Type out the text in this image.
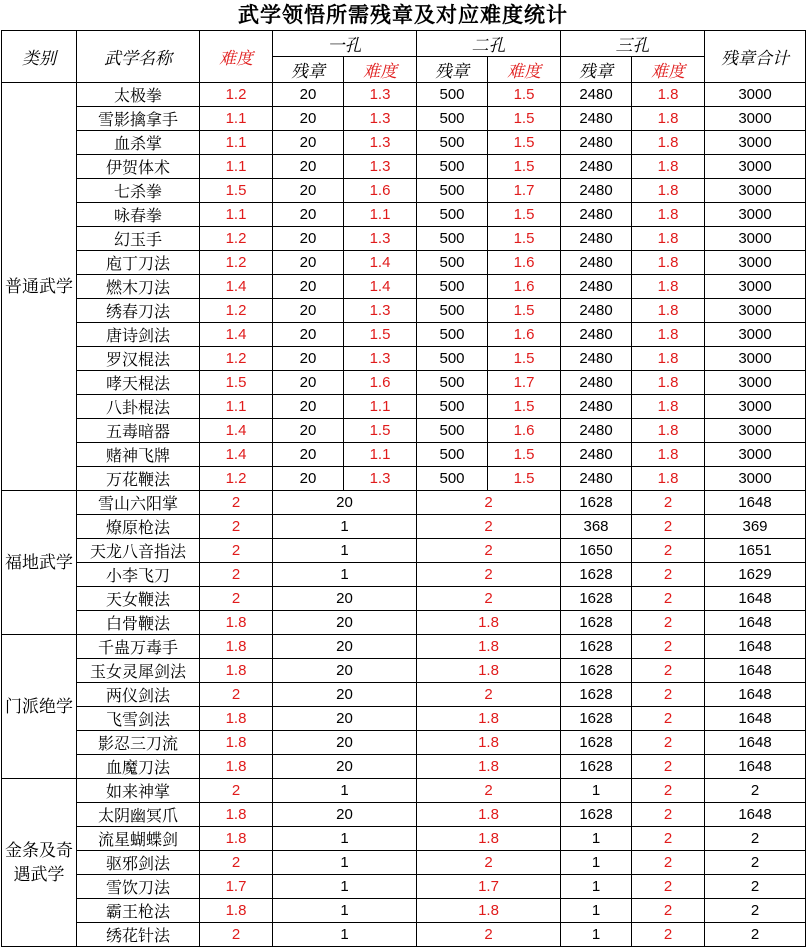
武学领悟所需残章及对应难度统计
类别	武学名称	难度	一孔		二孔		三孔		残章合计
			残章	难度	残章	难度	残章	难度	
普通武学	太极拳	1.2	20	1.3	500	1.5	2480	1.8	3000
	雪影擒拿手	1.1	20	1.3	500	1.5	2480	1.8	3000
	血杀掌	1.1	20	1.3	500	1.5	2480	1.8	3000
	伊贺体术	1.1	20	1.3	500	1.5	2480	1.8	3000
	七杀拳	1.5	20	1.6	500	1.7	2480	1.8	3000
	咏春拳	1.1	20	1.1	500	1.5	2480	1.8	3000
	幻玉手	1.2	20	1.3	500	1.5	2480	1.8	3000
	庖丁刀法	1.2	20	1.4	500	1.6	2480	1.8	3000
	燃木刀法	1.4	20	1.4	500	1.6	2480	1.8	3000
	绣春刀法	1.2	20	1.3	500	1.5	2480	1.8	3000
	唐诗剑法	1.4	20	1.5	500	1.6	2480	1.8	3000
	罗汉棍法	1.2	20	1.3	500	1.5	2480	1.8	3000
	哮天棍法	1.5	20	1.6	500	1.7	2480	1.8	3000
	八卦棍法	1.1	20	1.1	500	1.5	2480	1.8	3000
	五毒暗器	1.4	20	1.5	500	1.6	2480	1.8	3000
	赌神飞牌	1.4	20	1.1	500	1.5	2480	1.8	3000
	万花鞭法	1.2	20	1.3	500	1.5	2480	1.8	3000
福地武学	雪山六阳掌	2	20		2		1628	2	1648
	燎原枪法	2	1		2		368	2	369
	天龙八音指法	2	1		2		1650	2	1651
	小李飞刀	2	1		2		1628	2	1629
	天女鞭法	2	20		2		1628	2	1648
	白骨鞭法	1.8	20		1.8		1628	2	1648
门派绝学	千蛊万毒手	1.8	20		1.8		1628	2	1648
	玉女灵犀剑法	1.8	20		1.8		1628	2	1648
	两仪剑法	2	20		2		1628	2	1648
	飞雪剑法	1.8	20		1.8		1628	2	1648
	影忍三刀流	1.8	20		1.8		1628	2	1648
	血魔刀法	1.8	20		1.8		1628	2	1648
金条及奇遇武学	如来神掌	2	1		2		1	2	2
	太阴幽冥爪	1.8	20		1.8		1628	2	1648
	流星蝴蝶剑	1.8	1		1.8		1	2	2
	驱邪剑法	2	1		2		1	2	2
	雪饮刀法	1.7	1		1.7		1	2	2
	霸王枪法	1.8	1		1.8		1	2	2
	绣花针法	2	1		2		1	2	2
